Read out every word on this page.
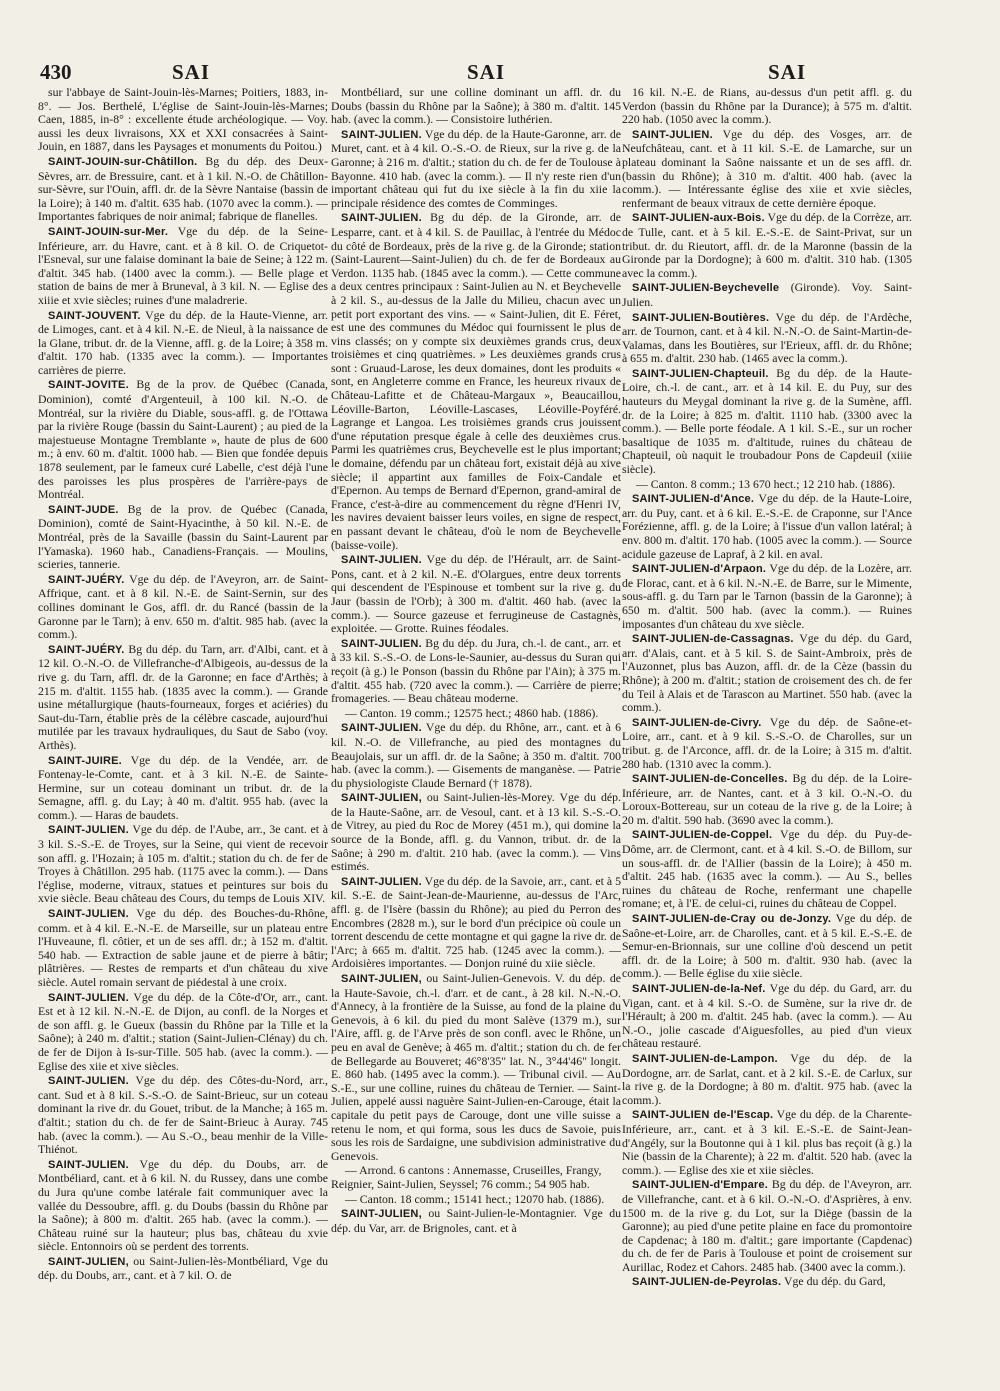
430	SAI	SAI	SAI

sur l'abbaye de Saint-Jouin-lès-Marnes; Poitiers, 1883, in-8°. — Jos. Berthelé, L'église de Saint-Jouin-lès-Marnes; Caen, 1885, in-8° : excellente étude archéologique. — Voy. aussi les deux livraisons, XX et XXI consacrées à Saint-Jouin, en 1887, dans les Paysages et monuments du Poitou.)

SAINT-JOUIN-sur-Châtillon. Bg du dép. des Deux-Sèvres, arr. de Bressuire, cant. et à 1 kil. N.-O. de Châtillon-sur-Sèvre, sur l'Ouin, affl. dr. de la Sèvre Nantaise (bassin de la Loire); à 140 m. d'altit. 635 hab. (1070 avec la comm.). — Importantes fabriques de noir animal; fabrique de flanelles.

SAINT-JOUIN-sur-Mer. Vge du dép. de la Seine-Inférieure, arr. du Havre, cant. et à 8 kil. O. de Criquetot-l'Esneval, sur une falaise dominant la baie de Seine; à 122 m. d'altit. 345 hab. (1400 avec la comm.). — Belle plage et station de bains de mer à Bruneval, à 3 kil. N. — Eglise des xiiie et xvie siècles; ruines d'une maladrerie.

SAINT-JOUVENT. Vge du dép. de la Haute-Vienne, arr. de Limoges, cant. et à 4 kil. N.-E. de Nieul, à la naissance de la Glane, tribut. dr. de la Vienne, affl. g. de la Loire; à 358 m. d'altit. 170 hab. (1335 avec la comm.). — Importantes carrières de pierre.

SAINT-JOVITE. Bg de la prov. de Québec (Canada, Dominion), comté d'Argenteuil, à 100 kil. N.-O. de Montréal, sur la rivière du Diable, sous-affl. g. de l'Ottawa par la rivière Rouge (bassin du Saint-Laurent) ; au pied de la majestueuse Montagne Tremblante », haute de plus de 600 m.; à env. 60 m. d'altit. 1000 hab. — Bien que fondée depuis 1878 seulement, par le fameux curé Labelle, c'est déjà l'une des paroisses les plus prospères de l'arrière-pays de Montréal.

SAINT-JUDE. Bg de la prov. de Québec (Canada, Dominion), comté de Saint-Hyacinthe, à 50 kil. N.-E. de Montréal, près de la Savaille (bassin du Saint-Laurent par l'Yamaska). 1960 hab., Canadiens-Français. — Moulins, scieries, tannerie.

SAINT-JUÉRY. Vge du dép. de l'Aveyron, arr. de Saint-Affrique, cant. et à 8 kil. N.-E. de Saint-Sernin, sur des collines dominant le Gos, affl. dr. du Rancé (bassin de la Garonne par le Tarn); à env. 650 m. d'altit. 985 hab. (avec la comm.).

SAINT-JUÉRY. Bg du dép. du Tarn, arr. d'Albi, cant. et à 12 kil. O.-N.-O. de Villefranche-d'Albigeois, au-dessus de la rive g. du Tarn, affl. dr. de la Garonne; en face d'Arthès; à 215 m. d'altit. 1155 hab. (1835 avec la comm.). — Grande usine métallurgique (hauts-fourneaux, forges et aciéries) du Saut-du-Tarn, établie près de la célèbre cascade, aujourd'hui mutilée par les travaux hydrauliques, du Saut de Sabo (voy. Arthès).

SAINT-JUIRE. Vge du dép. de la Vendée, arr. de Fontenay-le-Comte, cant. et à 3 kil. N.-E. de Sainte-Hermine, sur un coteau dominant un tribut. dr. de la Semagne, affl. g. du Lay; à 40 m. d'altit. 955 hab. (avec la comm.). — Haras de baudets.

SAINT-JULIEN. Vge du dép. de l'Aube, arr., 3e cant. et à 3 kil. S.-S.-E. de Troyes, sur la Seine, qui vient de recevoir son affl. g. l'Hozain; à 105 m. d'altit.; station du ch. de fer de Troyes à Châtillon. 295 hab. (1175 avec la comm.). — Dans l'église, moderne, vitraux, statues et peintures sur bois du xvie siècle. Beau château des Cours, du temps de Louis XIV.

SAINT-JULIEN. Vge du dép. des Bouches-du-Rhône, comm. et à 4 kil. E.-N.-E. de Marseille, sur un plateau entre l'Huveaune, fl. côtier, et un de ses affl. dr.; à 152 m. d'altit. 540 hab. — Extraction de sable jaune et de pierre à bâtir; plâtrières. — Restes de remparts et d'un château du xive siècle. Autel romain servant de piédestal à une croix.

SAINT-JULIEN. Vge du dép. de la Côte-d'Or, arr., cant. Est et à 12 kil. N.-N.-E. de Dijon, au confl. de la Norges et de son affl. g. le Gueux (bassin du Rhône par la Tille et la Saône); à 240 m. d'altit.; station (Saint-Julien-Clénay) du ch. de fer de Dijon à Is-sur-Tille. 505 hab. (avec la comm.). — Eglise des xiie et xive siècles.

SAINT-JULIEN. Vge du dép. des Côtes-du-Nord, arr., cant. Sud et à 8 kil. S.-S.-O. de Saint-Brieuc, sur un coteau dominant la rive dr. du Gouet, tribut. de la Manche; à 165 m. d'altit.; station du ch. de fer de Saint-Brieuc à Auray. 745 hab. (avec la comm.). — Au S.-O., beau menhir de la Ville-Thiénot.

SAINT-JULIEN. Vge du dép. du Doubs, arr. de Montbéliard, cant. et à 6 kil. N. du Russey, dans une combe du Jura qu'une combe latérale fait communiquer avec la vallée du Dessoubre, affl. g. du Doubs (bassin du Rhône par la Saône); à 800 m. d'altit. 265 hab. (avec la comm.). — Château ruiné sur la hauteur; plus bas, château du xvie siècle. Entonnoirs où se perdent des torrents.

SAINT-JULIEN, ou Saint-Julien-lès-Montbéliard, Vge du dép. du Doubs, arr., cant. et à 7 kil. O. de

Montbéliard, sur une colline dominant un affl. dr. du Doubs (bassin du Rhône par la Saône); à 380 m. d'altit. 145 hab. (avec la comm.). — Consistoire luthérien.

SAINT-JULIEN. Vge du dép. de la Haute-Garonne, arr. de Muret, cant. et à 4 kil. O.-S.-O. de Rieux, sur la rive g. de la Garonne; à 216 m. d'altit.; station du ch. de fer de Toulouse à Bayonne. 410 hab. (avec la comm.). — Il n'y reste rien d'un important château qui fut du ixe siècle à la fin du xiie la principale résidence des comtes de Comminges.

SAINT-JULIEN. Bg du dép. de la Gironde, arr. de Lesparre, cant. et à 4 kil. S. de Pauillac, à l'entrée du Médoc du côté de Bordeaux, près de la rive g. de la Gironde; station (Saint-Laurent—Saint-Julien) du ch. de fer de Bordeaux au Verdon. 1135 hab. (1845 avec la comm.). — Cette commune a deux centres principaux : Saint-Julien au N. et Beychevelle à 2 kil. S., au-dessus de la Jalle du Milieu, chacun avec un petit port exportant des vins. — « Saint-Julien, dit E. Féret, est une des communes du Médoc qui fournissent le plus de vins classés; on y compte six deuxièmes grands crus, deux troisièmes et cinq quatrièmes. » Les deuxièmes grands crus sont : Gruaud-Larose, les deux domaines, dont les produits « sont, en Angleterre comme en France, les heureux rivaux de Château-Lafitte et de Château-Margaux », Beaucaillou, Léoville-Barton, Léoville-Lascases, Léoville-Poyféré. Lagrange et Langoa. Les troisièmes grands crus jouissent d'une réputation presque égale à celle des deuxièmes crus. Parmi les quatrièmes crus, Beychevelle est le plus important; le domaine, défendu par un château fort, existait déjà au xive siècle; il appartint aux familles de Foix-Candale et d'Epernon. Au temps de Bernard d'Epernon, grand-amiral de France, c'est-à-dire au commencement du règne d'Henri IV, les navires devaient baisser leurs voiles, en signe de respect, en passant devant le château, d'où le nom de Beychevelle (baisse-voile).

SAINT-JULIEN. Vge du dép. de l'Hérault, arr. de Saint-Pons, cant. et à 2 kil. N.-E. d'Olargues, entre deux torrents qui descendent de l'Espinouse et tombent sur la rive g. du Jaur (bassin de l'Orb); à 300 m. d'altit. 460 hab. (avec la comm.). — Source gazeuse et ferrugineuse de Castagnès, exploitée. — Grotte. Ruines féodales.

SAINT-JULIEN. Bg du dép. du Jura, ch.-l. de cant., arr. et à 33 kil. S.-S.-O. de Lons-le-Saunier, au-dessus du Suran qui reçoit (à g.) le Ponson (bassin du Rhône par l'Ain); à 375 m. d'altit. 455 hab. (720 avec la comm.). — Carrière de pierre; fromageries. — Beau château moderne.

— Canton. 19 comm.; 12575 hect.; 4860 hab. (1886).

SAINT-JULIEN. Vge du dép. du Rhône, arr., cant. et à 6 kil. N.-O. de Villefranche, au pied des montagnes du Beaujolais, sur un affl. dr. de la Saône; à 350 m. d'altit. 700 hab. (avec la comm.). — Gisements de manganèse. — Patrie du physiologiste Claude Bernard († 1878).

SAINT-JULIEN, ou Saint-Julien-lès-Morey. Vge du dép. de la Haute-Saône, arr. de Vesoul, cant. et à 13 kil. S.-S.-O. de Vitrey, au pied du Roc de Morey (451 m.), qui domine la source de la Bonde, affl. g. du Vannon, tribut. dr. de la Saône; à 290 m. d'altit. 210 hab. (avec la comm.). — Vins estimés.

SAINT-JULIEN. Vge du dép. de la Savoie, arr., cant. et à 5 kil. S.-E. de Saint-Jean-de-Maurienne, au-dessus de l'Arc, affl. g. de l'Isère (bassin du Rhône); au pied du Perron des Encombres (2828 m.), sur le bord d'un précipice où coule un torrent descendu de cette montagne et qui gagne la rive dr. de l'Arc; à 665 m. d'altit. 725 hab. (1245 avec la comm.). — Ardoisières importantes. — Donjon ruiné du xiie siècle.

SAINT-JULIEN, ou Saint-Julien-Genevois. V. du dép. de la Haute-Savoie, ch.-l. d'arr. et de cant., à 28 kil. N.-N.-O. d'Annecy, à la frontière de la Suisse, au fond de la plaine du Genevois, à 6 kil. du pied du mont Salève (1379 m.), sur l'Aire, affl. g. de l'Arve près de son confl. avec le Rhône, un peu en aval de Genève; à 465 m. d'altit.; station du ch. de fer de Bellegarde au Bouveret; 46°8'35" lat. N., 3°44'46" longit. E. 860 hab. (1495 avec la comm.). — Tribunal civil. — Au S.-E., sur une colline, ruines du château de Ternier. — Saint-Julien, appelé aussi naguère Saint-Julien-en-Carouge, était la capitale du petit pays de Carouge, dont une ville suisse a retenu le nom, et qui forma, sous les ducs de Savoie, puis sous les rois de Sardaigne, une subdivision administrative du Genevois.

— Arrond. 6 cantons : Annemasse, Cruseilles, Frangy, Reignier, Saint-Julien, Seyssel; 76 comm.; 54 905 hab.

— Canton. 18 comm.; 15141 hect.; 12070 hab. (1886).

SAINT-JULIEN, ou Saint-Julien-le-Montagnier. Vge du dép. du Var, arr. de Brignoles, cant. et à

16 kil. N.-E. de Rians, au-dessus d'un petit affl. g. du Verdon (bassin du Rhône par la Durance); à 575 m. d'altit. 220 hab. (1050 avec la comm.).

SAINT-JULIEN. Vge du dép. des Vosges, arr. de Neufchâteau, cant. et à 11 kil. S.-E. de Lamarche, sur un plateau dominant la Saône naissante et un de ses affl. dr. (bassin du Rhône); à 310 m. d'altit. 400 hab. (avec la comm.). — Intéressante église des xiie et xvie siècles, renfermant de beaux vitraux de cette dernière époque.

SAINT-JULIEN-aux-Bois. Vge du dép. de la Corrèze, arr. de Tulle, cant. et à 5 kil. E.-S.-E. de Saint-Privat, sur un tribut. dr. du Rieutort, affl. dr. de la Maronne (bassin de la Gironde par la Dordogne); à 600 m. d'altit. 310 hab. (1305 avec la comm.).

SAINT-JULIEN-Beychevelle (Gironde). Voy. Saint-Julien.

SAINT-JULIEN-Boutières. Vge du dép. de l'Ardèche, arr. de Tournon, cant. et à 4 kil. N.-N.-O. de Saint-Martin-de-Valamas, dans les Boutières, sur l'Erieux, affl. dr. du Rhône; à 655 m. d'altit. 230 hab. (1465 avec la comm.).

SAINT-JULIEN-Chapteuil. Bg du dép. de la Haute-Loire, ch.-l. de cant., arr. et à 14 kil. E. du Puy, sur des hauteurs du Meygal dominant la rive g. de la Sumène, affl. dr. de la Loire; à 825 m. d'altit. 1110 hab. (3300 avec la comm.). — Belle porte féodale. A 1 kil. S.-E., sur un rocher basaltique de 1035 m. d'altitude, ruines du château de Chapteuil, où naquit le troubadour Pons de Capdeuil (xiiie siècle).

— Canton. 8 comm.; 13 670 hect.; 12 210 hab. (1886).

SAINT-JULIEN-d'Ance. Vge du dép. de la Haute-Loire, arr. du Puy, cant. et à 6 kil. E.-S.-E. de Craponne, sur l'Ance Forézienne, affl. g. de la Loire; à l'issue d'un vallon latéral; à env. 800 m. d'altit. 170 hab. (1005 avec la comm.). — Source acidule gazeuse de Lapraf, à 2 kil. en aval.

SAINT-JULIEN-d'Arpaon. Vge du dép. de la Lozère, arr. de Florac, cant. et à 6 kil. N.-N.-E. de Barre, sur le Mimente, sous-affl. g. du Tarn par le Tarnon (bassin de la Garonne); à 650 m. d'altit. 500 hab. (avec la comm.). — Ruines imposantes d'un château du xve siècle.

SAINT-JULIEN-de-Cassagnas. Vge du dép. du Gard, arr. d'Alais, cant. et à 5 kil. S. de Saint-Ambroix, près de l'Auzonnet, plus bas Auzon, affl. dr. de la Cèze (bassin du Rhône); à 200 m. d'altit.; station de croisement des ch. de fer du Teil à Alais et de Tarascon au Martinet. 550 hab. (avec la comm.).

SAINT-JULIEN-de-Civry. Vge du dép. de Saône-et-Loire, arr., cant. et à 9 kil. S.-S.-O. de Charolles, sur un tribut. g. de l'Arconce, affl. dr. de la Loire; à 315 m. d'altit. 280 hab. (1310 avec la comm.).

SAINT-JULIEN-de-Concelles. Bg du dép. de la Loire-Inférieure, arr. de Nantes, cant. et à 3 kil. O.-N.-O. du Loroux-Bottereau, sur un coteau de la rive g. de la Loire; à 20 m. d'altit. 590 hab. (3690 avec la comm.).

SAINT-JULIEN-de-Coppel. Vge du dép. du Puy-de-Dôme, arr. de Clermont, cant. et à 4 kil. S.-O. de Billom, sur un sous-affl. dr. de l'Allier (bassin de la Loire); à 450 m. d'altit. 245 hab. (1635 avec la comm.). — Au S., belles ruines du château de Roche, renfermant une chapelle romane; et, à l'E. de celui-ci, ruines du château de Coppel.

SAINT-JULIEN-de-Cray ou de-Jonzy. Vge du dép. de Saône-et-Loire, arr. de Charolles, cant. et à 5 kil. E.-S.-E. de Semur-en-Brionnais, sur une colline d'où descend un petit affl. dr. de la Loire; à 500 m. d'altit. 930 hab. (avec la comm.). — Belle église du xiie siècle.

SAINT-JULIEN-de-la-Nef. Vge du dép. du Gard, arr. du Vigan, cant. et à 4 kil. S.-O. de Sumène, sur la rive dr. de l'Hérault; à 200 m. d'altit. 245 hab. (avec la comm.). — Au N.-O., jolie cascade d'Aiguesfolles, au pied d'un vieux château restauré.

SAINT-JULIEN-de-Lampon. Vge du dép. de la Dordogne, arr. de Sarlat, cant. et à 2 kil. S.-E. de Carlux, sur la rive g. de la Dordogne; à 80 m. d'altit. 975 hab. (avec la comm.).

SAINT-JULIEN de-l'Escap. Vge du dép. de la Charente-Inférieure, arr., cant. et à 3 kil. E.-S.-E. de Saint-Jean-d'Angély, sur la Boutonne qui à 1 kil. plus bas reçoit (à g.) la Nie (bassin de la Charente); à 22 m. d'altit. 520 hab. (avec la comm.). — Eglise des xie et xiie siècles.

SAINT-JULIEN-d'Empare. Bg du dép. de l'Aveyron, arr. de Villefranche, cant. et à 6 kil. O.-N.-O. d'Asprières, à env. 1500 m. de la rive g. du Lot, sur la Diège (bassin de la Garonne); au pied d'une petite plaine en face du promontoire de Capdenac; à 180 m. d'altit.; gare importante (Capdenac) du ch. de fer de Paris à Toulouse et point de croisement sur Aurillac, Rodez et Cahors. 2485 hab. (3400 avec la comm.).

SAINT-JULIEN-de-Peyrolas. Vge du dép. du Gard,
